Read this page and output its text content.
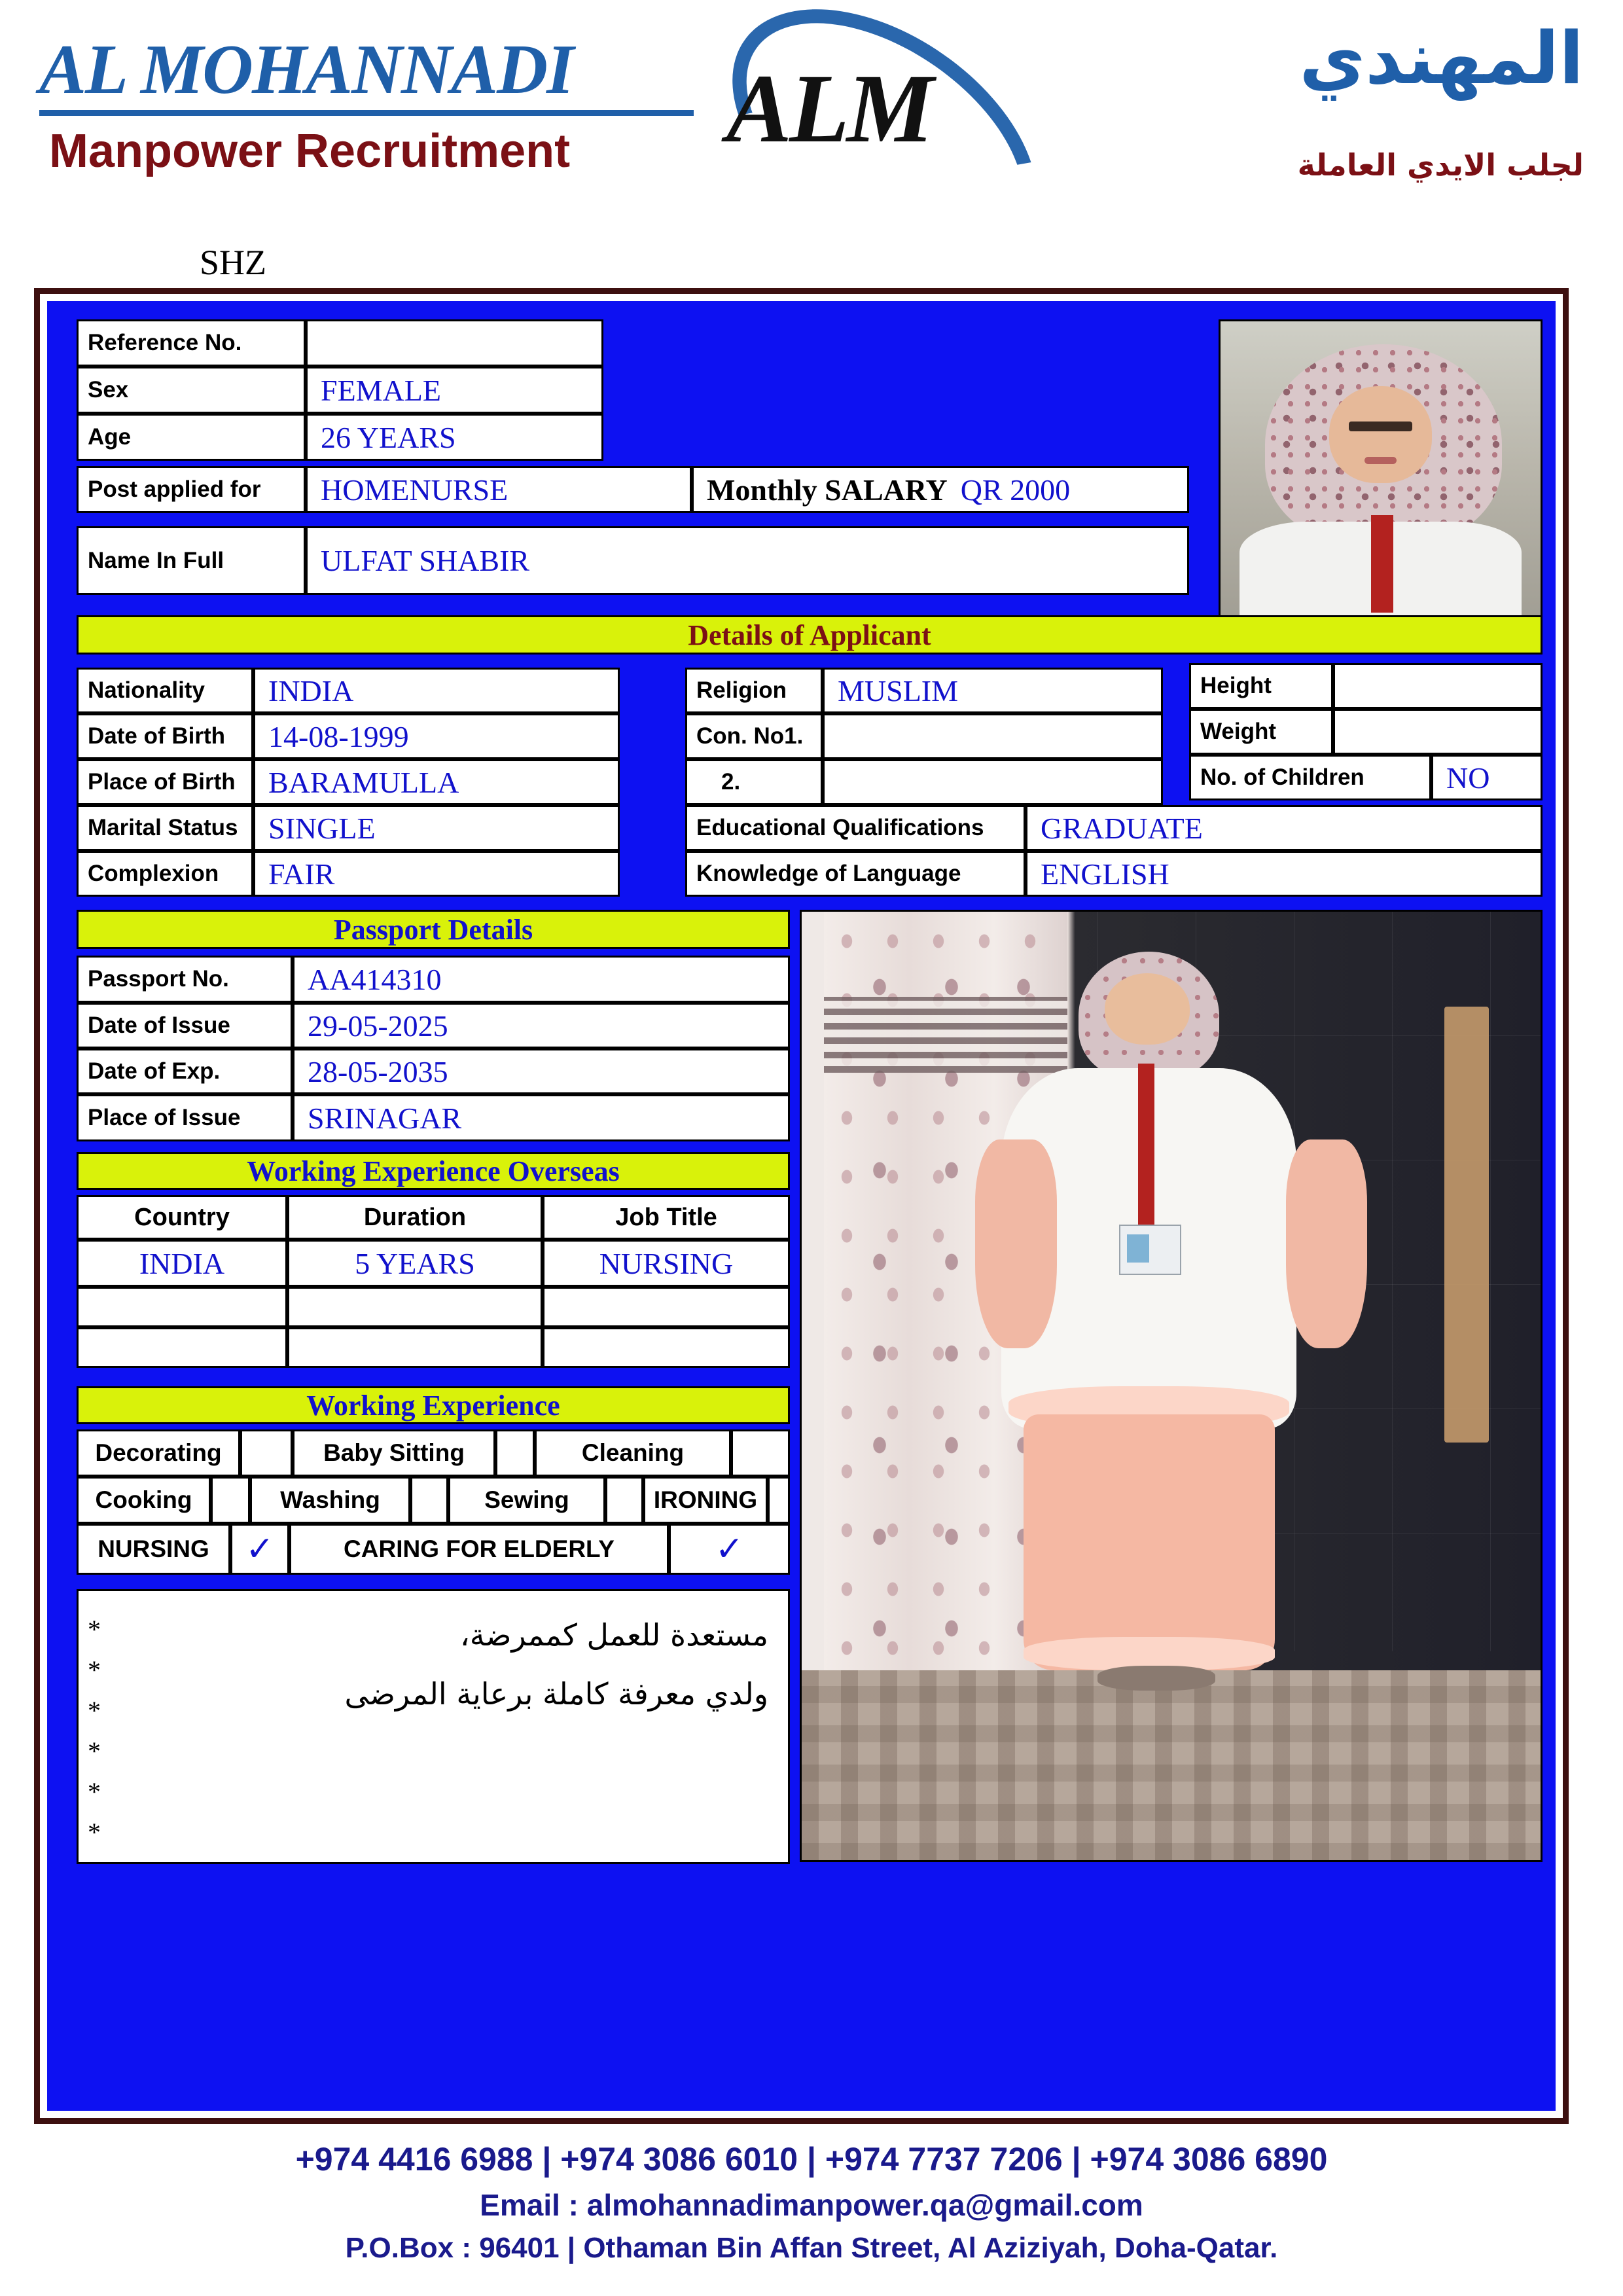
AL MOHANNADI
Manpower Recruitment ALM	المهندي
لجلب الايدي العاملة
SHZ
Reference No.
Sex	FEMALE
Age	26 YEARS
Post applied for	HOMENURSE	Monthly SALARY QR 2000
Name In Full	ULFAT SHABIR
Details of Applicant
Nationality	INDIA
Date of Birth	14-08-1999
Place of Birth	BARAMULLA
Marital Status	SINGLE
Complexion	FAIR
Religion	MUSLIM
Con. No1.
2.
Educational Qualifications	GRADUATE
Knowledge of Language	ENGLISH
Height
Weight
No. of Children	NO
Passport Details
Passport No.	AA414310
Date of Issue	29-05-2025
Date of Exp.	28-05-2035
Place of Issue	SRINAGAR
Working Experience Overseas
Country	Duration	Job Title
INDIA	5 YEARS	NURSING
Working Experience
Decorating	Baby Sitting	Cleaning
Cooking	Washing	Sewing	IRONING
NURSING	✓	CARING FOR ELDERLY	✓
*
*
*
*
*
*
مستعدة للعمل كممرضة،
ولدي معرفة كاملة برعاية المرضى
+974 4416 6988 | +974 3086 6010 | +974 7737 7206 | +974 3086 6890
Email : almohannadimanpower.qa@gmail.com
P.O.Box : 96401 | Othaman Bin Affan Street, Al Aziziyah, Doha-Qatar.
